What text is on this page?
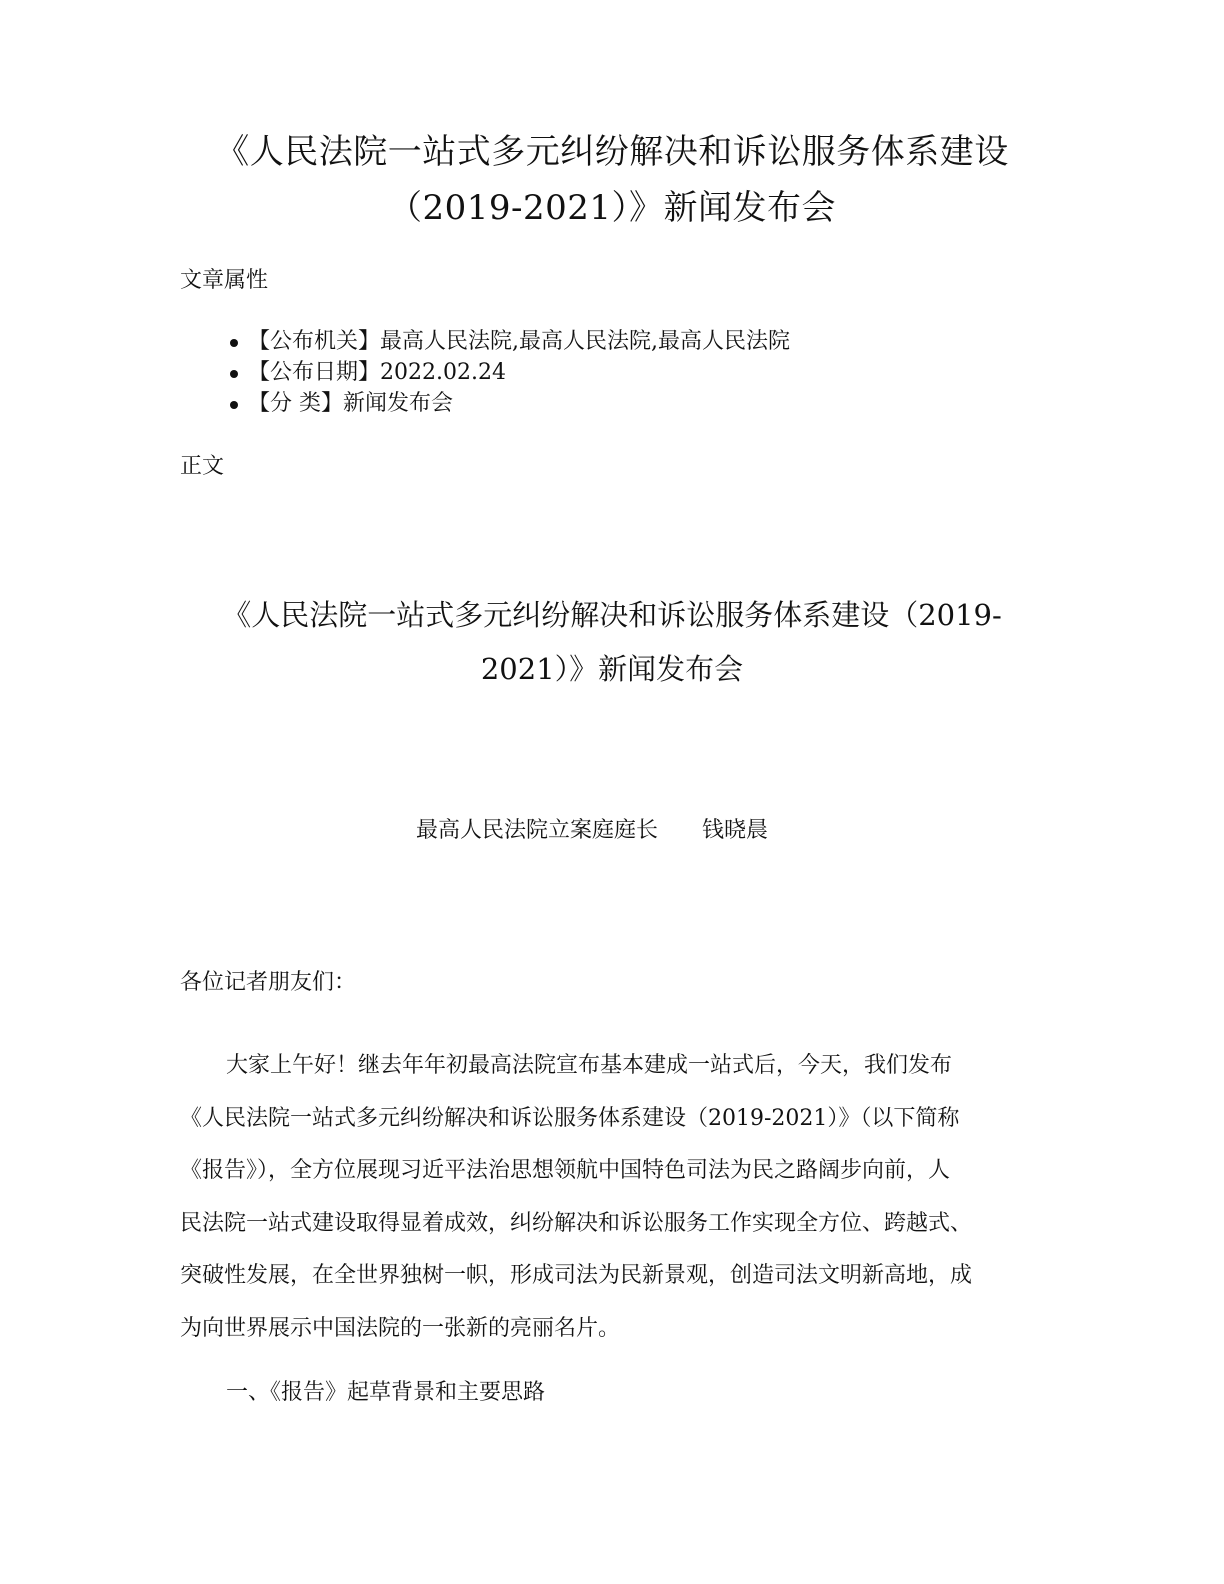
《人民法院一站式多元纠纷解决和诉讼服务体系建设
（2019-2021）》新闻发布会
文章属性
【公布机关】最高人民法院,最高人民法院,最高人民法院
【公布日期】2022.02.24
【分 类】新闻发布会
正文
《人民法院一站式多元纠纷解决和诉讼服务体系建设（2019-
2021）》新闻发布会

最高人民法院立案庭庭长 钱晓晨

各位记者朋友们：

大家上午好！继去年年初最高法院宣布基本建成一站式后，今天，我们发布
《人民法院一站式多元纠纷解决和诉讼服务体系建设（2019-2021）》（以下简称
《报告》），全方位展现习近平法治思想领航中国特色司法为民之路阔步向前，人
民法院一站式建设取得显着成效，纠纷解决和诉讼服务工作实现全方位、跨越式、
突破性发展，在全世界独树一帜，形成司法为民新景观，创造司法文明新高地，成
为向世界展示中国法院的一张新的亮丽名片。

一、《报告》起草背景和主要思路
